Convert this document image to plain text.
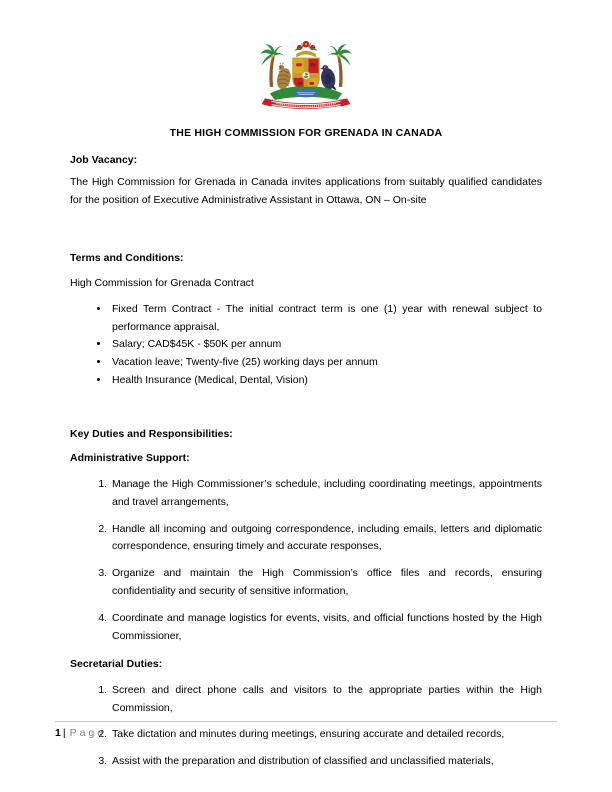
THE HIGH COMMISSION FOR GRENADA IN CANADA

Job Vacancy:

The High Commission for Grenada in Canada invites applications from suitably qualified candidates for the position of Executive Administrative Assistant in Ottawa, ON – On-site

Terms and Conditions:

High Commission for Grenada Contract

• Fixed Term Contract - The initial contract term is one (1) year with renewal subject to performance appraisal,
• Salary; CAD$45K - $50K per annum
• Vacation leave; Twenty-five (25) working days per annum
• Health Insurance (Medical, Dental, Vision)

Key Duties and Responsibilities:

Administrative Support:

1. Manage the High Commissioner’s schedule, including coordinating meetings, appointments and travel arrangements,
2. Handle all incoming and outgoing correspondence, including emails, letters and diplomatic correspondence, ensuring timely and accurate responses,
3. Organize and maintain the High Commission’s office files and records, ensuring confidentiality and security of sensitive information,
4. Coordinate and manage logistics for events, visits, and official functions hosted by the High Commissioner,

Secretarial Duties:

1. Screen and direct phone calls and visitors to the appropriate parties within the High Commission,
2. Take dictation and minutes during meetings, ensuring accurate and detailed records,
3. Assist with the preparation and distribution of classified and unclassified materials,
1 | Page
